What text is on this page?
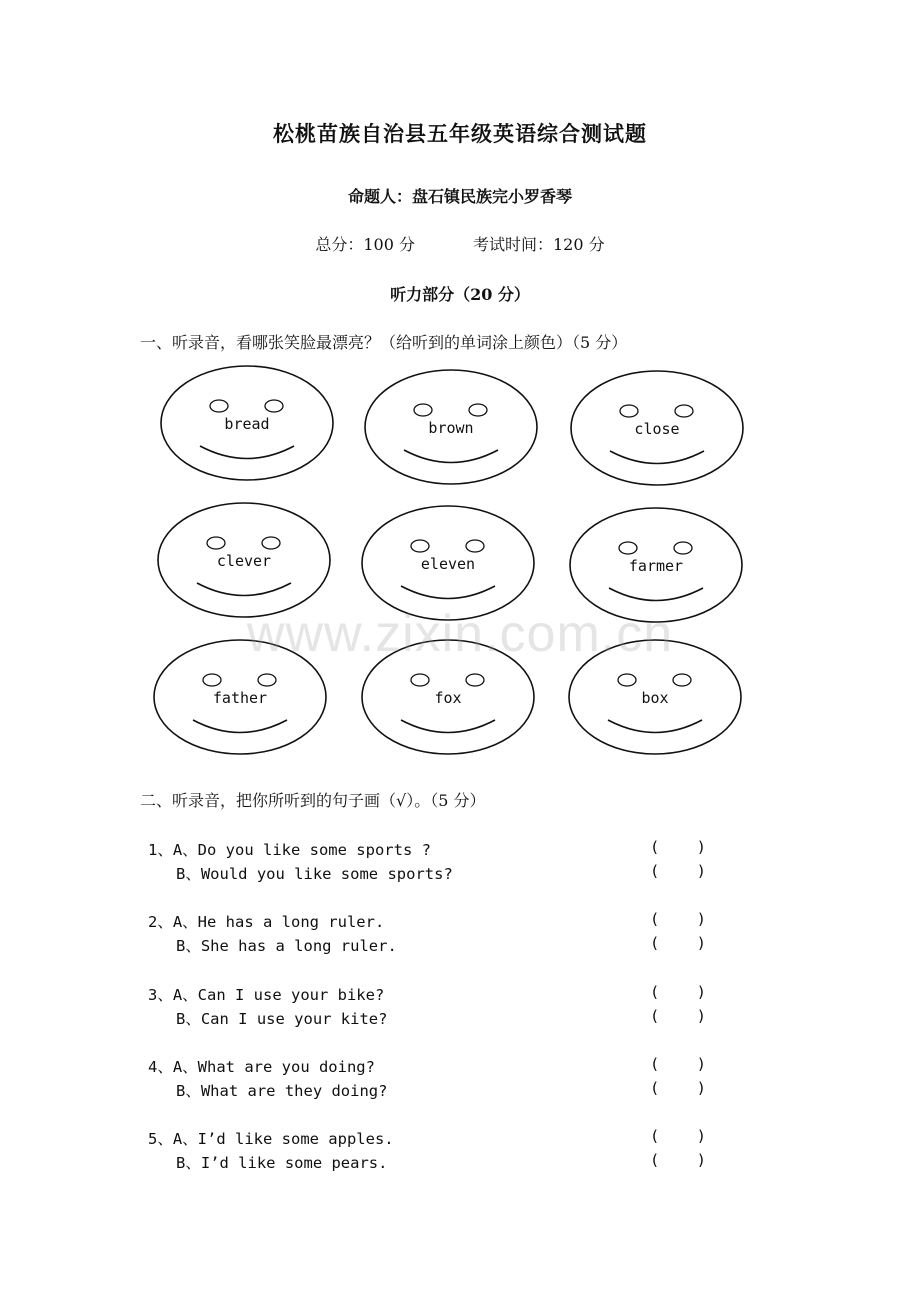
松桃苗族自治县五年级英语综合测试题
命题人：盘石镇民族完小罗香琴
总分：100 分	考试时间：120 分
听力部分（20 分）
一、听录音，看哪张笑脸最漂亮？（给听到的单词涂上颜色）（5 分）
bread	brown	close
clever	eleven	farmer
father	fox	box
www.zixin.com.cn
二、听录音，把你所听到的句子画（√）。（5 分）
1、A、Do you like some sports ?	(    )
B、Would you like some sports?	(    )
2、A、He has a long ruler.	(    )
B、She has a long ruler.	(    )
3、A、Can I use your bike?	(    )
B、Can I use your kite?	(    )
4、A、What are you doing?	(    )
B、What are they doing?	(    )
5、A、I’d like some apples.	(    )
B、I’d like some pears.	(    )
